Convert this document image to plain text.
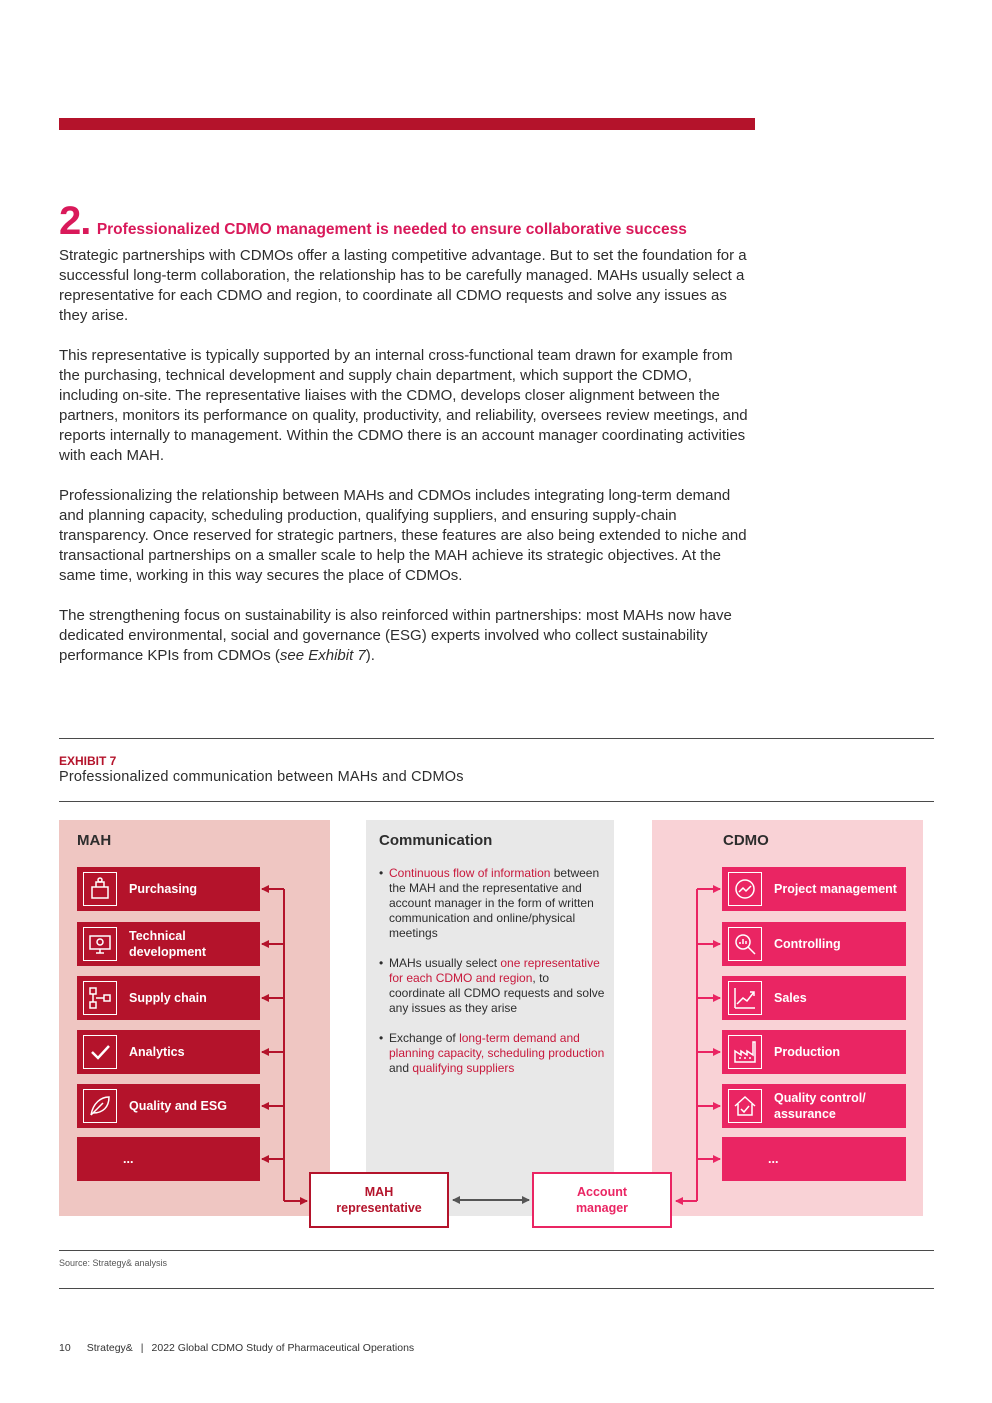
2. Professionalized CDMO management is needed to ensure collaborative success

Strategic partnerships with CDMOs offer a lasting competitive advantage. But to set the foundation for a successful long-term collaboration, the relationship has to be carefully managed. MAHs usually select a representative for each CDMO and region, to coordinate all CDMO requests and solve any issues as they arise.

This representative is typically supported by an internal cross-functional team drawn for example from the purchasing, technical development and supply chain department, which support the CDMO, including on-site. The representative liaises with the CDMO, develops closer alignment between the partners, monitors its performance on quality, productivity, and reliability, oversees review meetings, and reports internally to management. Within the CDMO there is an account manager coordinating activities with each MAH.

Professionalizing the relationship between MAHs and CDMOs includes integrating long-term demand and planning capacity, scheduling production, qualifying suppliers, and ensuring supply-chain transparency. Once reserved for strategic partners, these features are also being extended to niche and transactional partnerships on a smaller scale to help the MAH achieve its strategic objectives. At the same time, working in this way secures the place of CDMOs.

The strengthening focus on sustainability is also reinforced within partnerships: most MAHs now have dedicated environmental, social and governance (ESG) experts involved who collect sustainability performance KPIs from CDMOs (see Exhibit 7).

EXHIBIT 7
Professionalized communication between MAHs and CDMOs
MAH	Communication	CDMO
Purchasing
Technical development
Supply chain
Analytics
Quality and ESG
...
• Continuous flow of information between the MAH and the representative and account manager in the form of written communication and online/physical meetings
• MAHs usually select one representative for each CDMO and region, to coordinate all CDMO requests and solve any issues as they arise
• Exchange of long-term demand and planning capacity, scheduling production and qualifying suppliers
Project management
Controlling
Sales
Production
Quality control/ assurance
...
MAH representative
Account manager
Source: Strategy& analysis
10 Strategy& | 2022 Global CDMO Study of Pharmaceutical Operations
